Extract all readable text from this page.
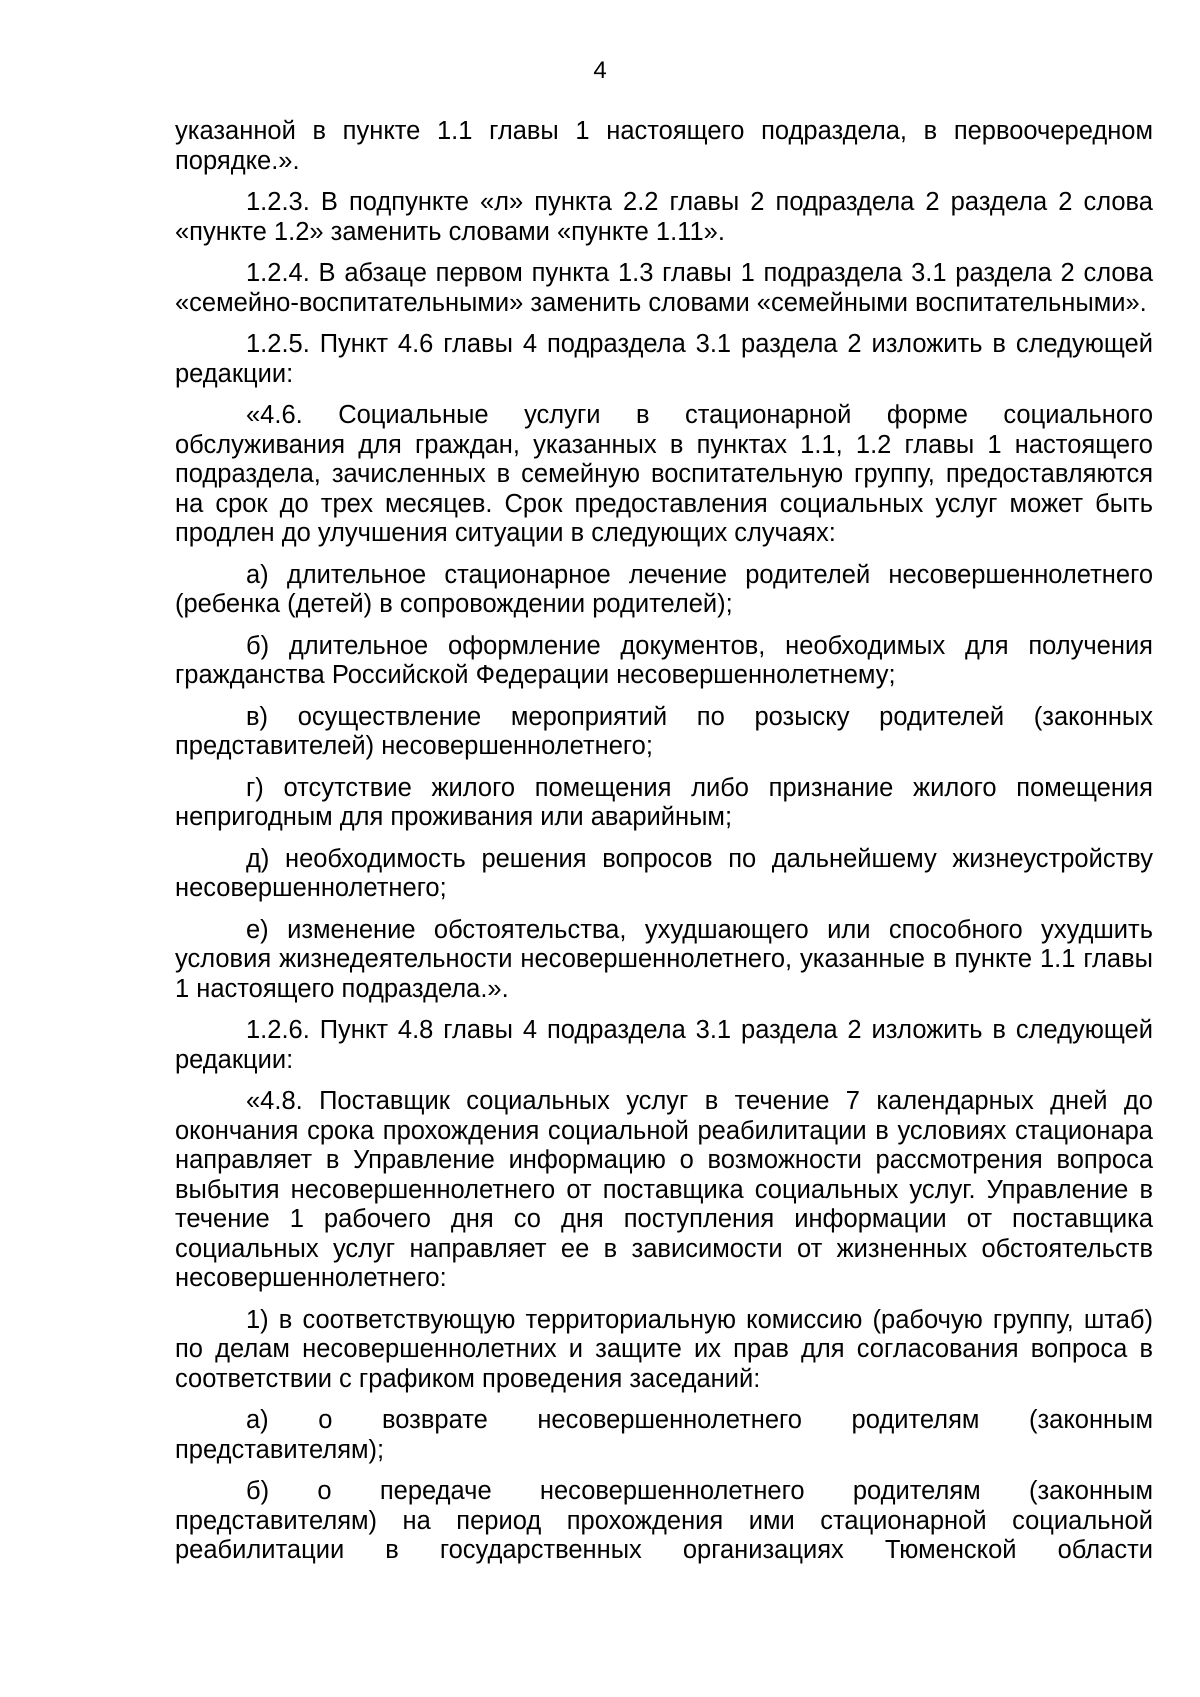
4

указанной в пункте 1.1 главы 1 настоящего подраздела, в первоочередном порядке.».

1.2.3. В подпункте «л» пункта 2.2 главы 2 подраздела 2 раздела 2 слова «пункте 1.2» заменить словами «пункте 1.11».

1.2.4. В абзаце первом пункта 1.3 главы 1 подраздела 3.1 раздела 2 слова «семейно-воспитательными» заменить словами «семейными воспитательными».

1.2.5. Пункт 4.6 главы 4 подраздела 3.1 раздела 2 изложить в следующей редакции:

«4.6. Социальные услуги в стационарной форме социального обслуживания для граждан, указанных в пунктах 1.1, 1.2 главы 1 настоящего подраздела, зачисленных в семейную воспитательную группу, предоставляются на срок до трех месяцев. Срок предоставления социальных услуг может быть продлен до улучшения ситуации в следующих случаях:

а) длительное стационарное лечение родителей несовершеннолетнего (ребенка (детей) в сопровождении родителей);

б) длительное оформление документов, необходимых для получения гражданства Российской Федерации несовершеннолетнему;

в) осуществление мероприятий по розыску родителей (законных представителей) несовершеннолетнего;

г) отсутствие жилого помещения либо признание жилого помещения непригодным для проживания или аварийным;

д) необходимость решения вопросов по дальнейшему жизнеустройству несовершеннолетнего;

е) изменение обстоятельства, ухудшающего или способного ухудшить условия жизнедеятельности несовершеннолетнего, указанные в пункте 1.1 главы 1 настоящего подраздела.».

1.2.6. Пункт 4.8 главы 4 подраздела 3.1 раздела 2 изложить в следующей редакции:

«4.8. Поставщик социальных услуг в течение 7 календарных дней до окончания срока прохождения социальной реабилитации в условиях стационара направляет в Управление информацию о возможности рассмотрения вопроса выбытия несовершеннолетнего от поставщика социальных услуг. Управление в течение 1 рабочего дня со дня поступления информации от поставщика социальных услуг направляет ее в зависимости от жизненных обстоятельств несовершеннолетнего:

1) в соответствующую территориальную комиссию (рабочую группу, штаб) по делам несовершеннолетних и защите их прав для согласования вопроса в соответствии с графиком проведения заседаний:

а) о возврате несовершеннолетнего родителям (законным представителям);

б) о передаче несовершеннолетнего родителям (законным представителям) на период прохождения ими стационарной социальной реабилитации в государственных организациях Тюменской области
